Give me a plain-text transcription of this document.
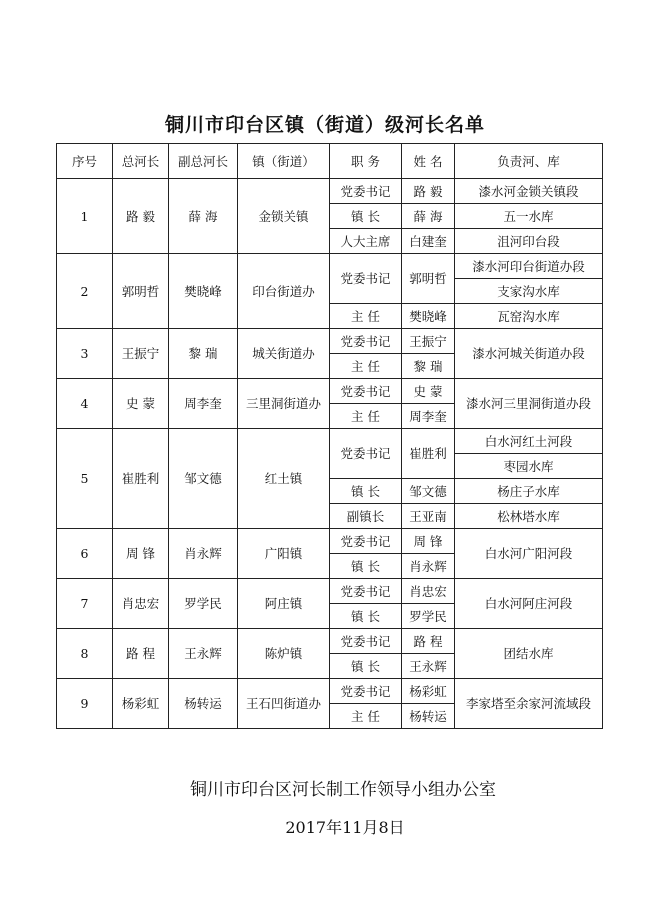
铜川市印台区镇（街道）级河长名单
序号	总河长	副总河长	镇（街道）	职 务	姓 名	负责河、库
1	路 毅	薛 海	金锁关镇	党委书记	路 毅	漆水河金锁关镇段
				镇 长	薛 海	五一水库
				人大主席	白建奎	沮河印台段
2	郭明哲	樊晓峰	印台街道办	党委书记	郭明哲	漆水河印台街道办段
						支家沟水库
				主 任	樊晓峰	瓦窑沟水库
3	王振宁	黎 瑞	城关街道办	党委书记	王振宁	漆水河城关街道办段
				主 任	黎 瑞	
4	史 蒙	周李奎	三里洞街道办	党委书记	史 蒙	漆水河三里洞街道办段
				主 任	周李奎	
5	崔胜利	邹文德	红土镇	党委书记	崔胜利	白水河红土河段
						枣园水库
				镇 长	邹文德	杨庄子水库
				副镇长	王亚南	松林塔水库
6	周 锋	肖永辉	广阳镇	党委书记	周 锋	白水河广阳河段
				镇 长	肖永辉	
7	肖忠宏	罗学民	阿庄镇	党委书记	肖忠宏	白水河阿庄河段
				镇 长	罗学民	
8	路 程	王永辉	陈炉镇	党委书记	路 程	团结水库
				镇 长	王永辉	
9	杨彩虹	杨转运	王石凹街道办	党委书记	杨彩虹	李家塔至余家河流域段
				主 任	杨转运	
铜川市印台区河长制工作领导小组办公室
2017年11月8日
